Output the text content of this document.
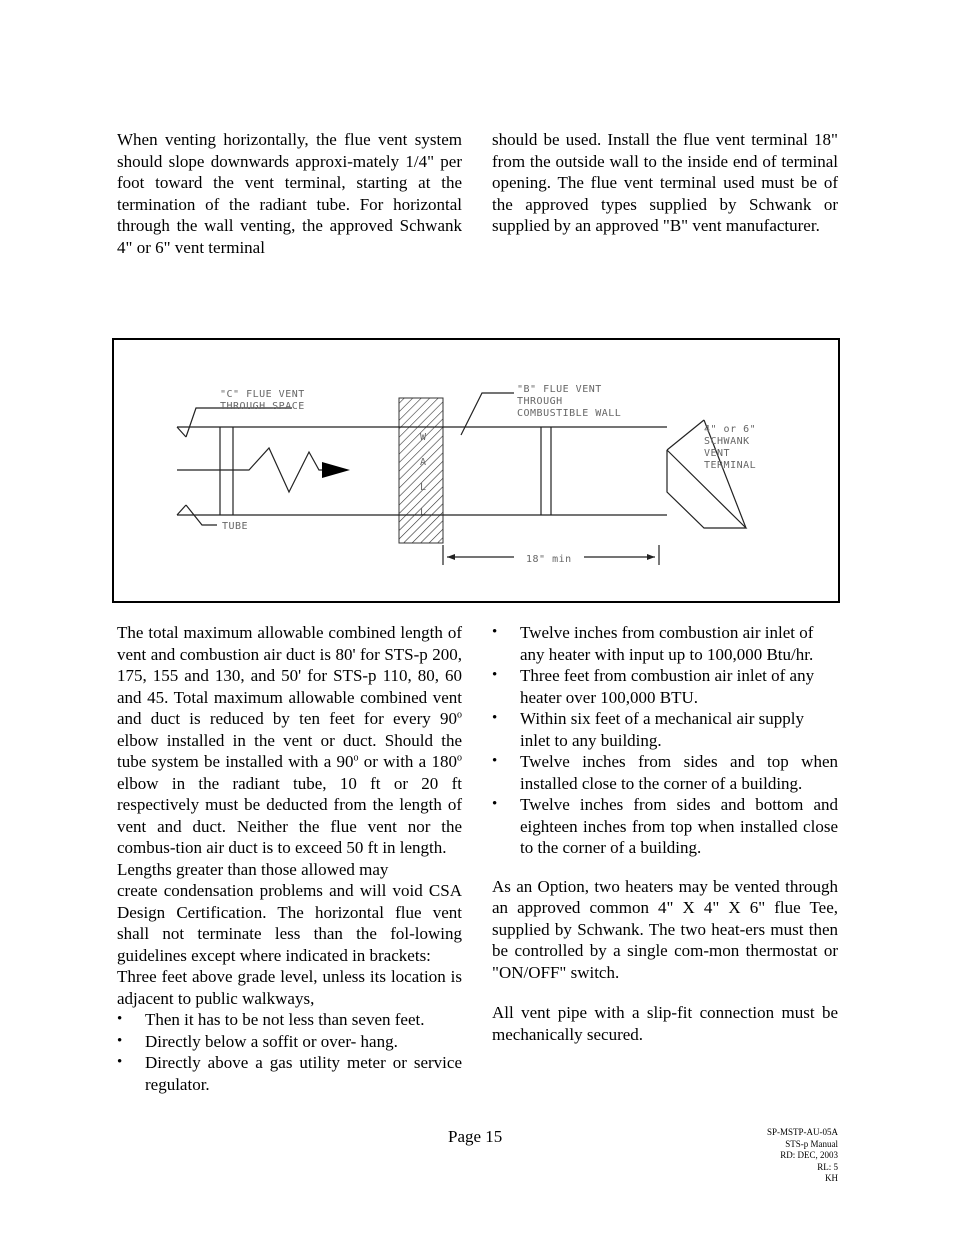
When venting horizontally, the flue vent system should slope downwards approxi-mately 1/4" per foot toward the vent terminal, starting at the termination of the radiant tube. For horizontal through the wall venting, the approved Schwank 4" or 6" vent terminal

should be used. Install the flue vent terminal 18" from the outside wall to the inside end of terminal opening. The flue vent terminal used must be of the approved types supplied by Schwank or supplied by an approved "B" vent manufacturer.

W
A
L
L
"C" FLUE VENT
THROUGH SPACE
"B" FLUE VENT
THROUGH
COMBUSTIBLE WALL
4" or 6"
SCHWANK
VENT
TERMINAL
TUBE
18" min

The total maximum allowable combined length of vent and combustion air duct is 80' for STS-p 200, 175, 155 and 130, and 50' for STS-p 110, 80, 60 and 45. Total maximum allowable combined vent and duct is reduced by ten feet for every 90$^o$ elbow installed in the vent or duct. Should the tube system be installed with a 90$^o$ or with a 180$^o$ elbow in the radiant tube, 10 ft or 20 ft respectively must be deducted from the length of vent and duct. Neither the flue vent nor the combus-tion air duct is to exceed 50 ft in length.

Lengths greater than those allowed may

create condensation problems and will void CSA Design Certification. The horizontal flue vent shall not terminate less than the fol-lowing guidelines except where indicated in brackets:

Three feet above grade level, unless its location is adjacent to public walkways,

• Then it has to be not less than seven feet.
• Directly below a soffit or over- hang.
• Directly above a gas utility meter or service regulator.
• Twelve inches from combustion air inlet of any heater with input up to 100,000 Btu/hr.
• Three feet from combustion air inlet of any heater over 100,000 BTU.
• Within six feet of a mechanical air supply inlet to any building.
• Twelve inches from sides and top when installed close to the corner of a building.
• Twelve inches from sides and bottom and eighteen inches from top when installed close to the corner of a building.

As an Option, two heaters may be vented through an approved common 4" X 4" X 6" flue Tee, supplied by Schwank. The two heat-ers must then be controlled by a single com-mon thermostat or "ON/OFF" switch.

All vent pipe with a slip-fit connection must be mechanically secured.

Page 15	SP-MSTP-AU-05A
STS-p Manual
RD: DEC, 2003
RL: 5
KH
